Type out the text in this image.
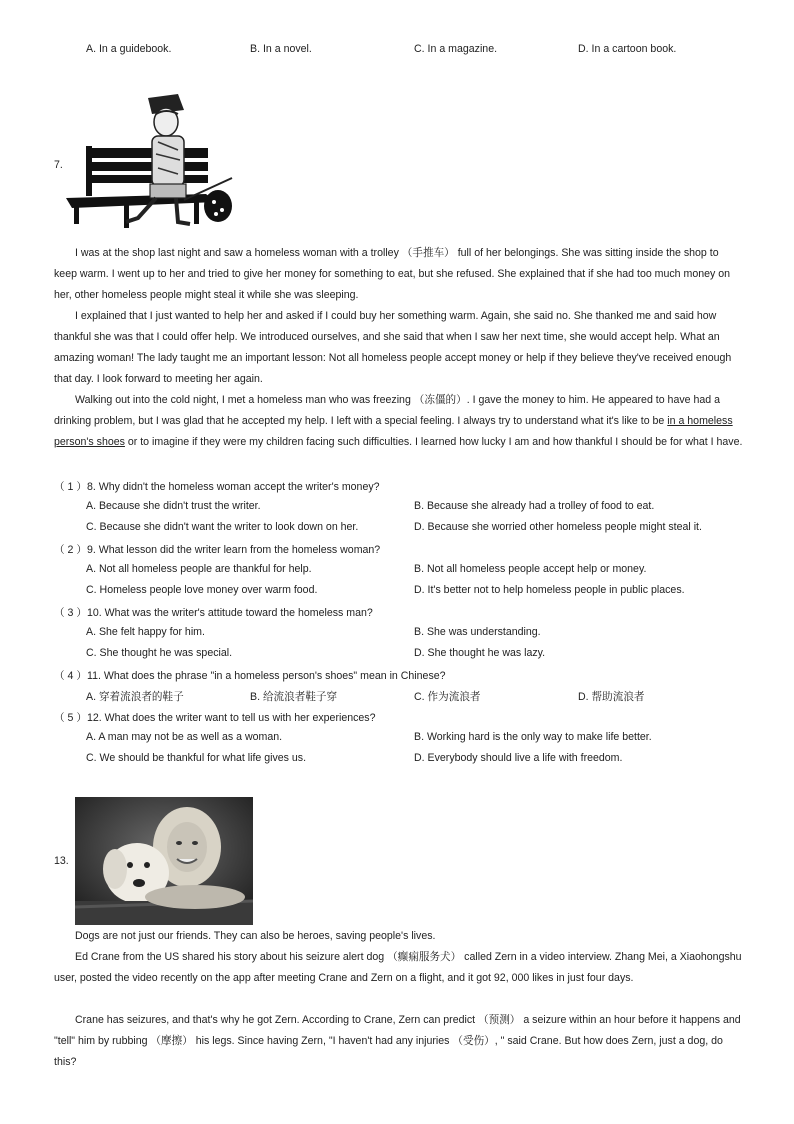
A. In a guidebook.	B. In a novel.	C. In a magazine.	D. In a cartoon book.
7.

I was at the shop last night and saw a homeless woman with a trolley （手推车） full of her belongings. She was sitting inside the shop to keep warm. I went up to her and tried to give her money for something to eat, but she refused. She explained that if she had too much money on her, other homeless people might steal it while she was sleeping.

I explained that I just wanted to help her and asked if I could buy her something warm. Again, she said no. She thanked me and said how thankful she was that I could offer help. We introduced ourselves, and she said that when I saw her next time, she would accept help. What an amazing woman! The lady taught me an important lesson: Not all homeless people accept money or help if they believe they've received enough that day. I look forward to meeting her again.

Walking out into the cold night, I met a homeless man who was freezing （冻僵的）. I gave the money to him. He appeared to have had a drinking problem, but I was glad that he accepted my help. I left with a special feeling. I always try to understand what it's like to be in a homeless person's shoes or to imagine if they were my children facing such difficulties. I learned how lucky I am and how thankful I should be for what I have.

（ 1 ）8. Why didn't the homeless woman accept the writer's money?
A. Because she didn't trust the writer.	B. Because she already had a trolley of food to eat.
C. Because she didn't want the writer to look down on her.	D. Because she worried other homeless people might steal it.
（ 2 ）9. What lesson did the writer learn from the homeless woman?
A. Not all homeless people are thankful for help.	B. Not all homeless people accept help or money.
C. Homeless people love money over warm food.	D. It's better not to help homeless people in public places.
（ 3 ）10. What was the writer's attitude toward the homeless man?
A. She felt happy for him.	B. She was understanding.
C. She thought he was special.	D. She thought he was lazy.
（ 4 ）11. What does the phrase "in a homeless person's shoes" mean in Chinese?
A. 穿着流浪者的鞋子	B. 给流浪者鞋子穿	C. 作为流浪者	D. 帮助流浪者
（ 5 ）12. What does the writer want to tell us with her experiences?
A. A man may not be as well as a woman.	B. Working hard is the only way to make life better.
C. We should be thankful for what life gives us.	D. Everybody should live a life with freedom.
13.

Dogs are not just our friends. They can also be heroes, saving people's lives.

Ed Crane from the US shared his story about his seizure alert dog （癫痫服务犬） called Zern in a video interview. Zhang Mei, a Xiaohongshu user, posted the video recently on the app after meeting Crane and Zern on a flight, and it got 92, 000 likes in just four days.

Crane has seizures, and that's why he got Zern. According to Crane, Zern can predict （预测） a seizure within an hour before it happens and "tell" him by rubbing （摩擦） his legs. Since having Zern, "I haven't had any injuries （受伤）, " said Crane. But how does Zern, just a dog, do this?
